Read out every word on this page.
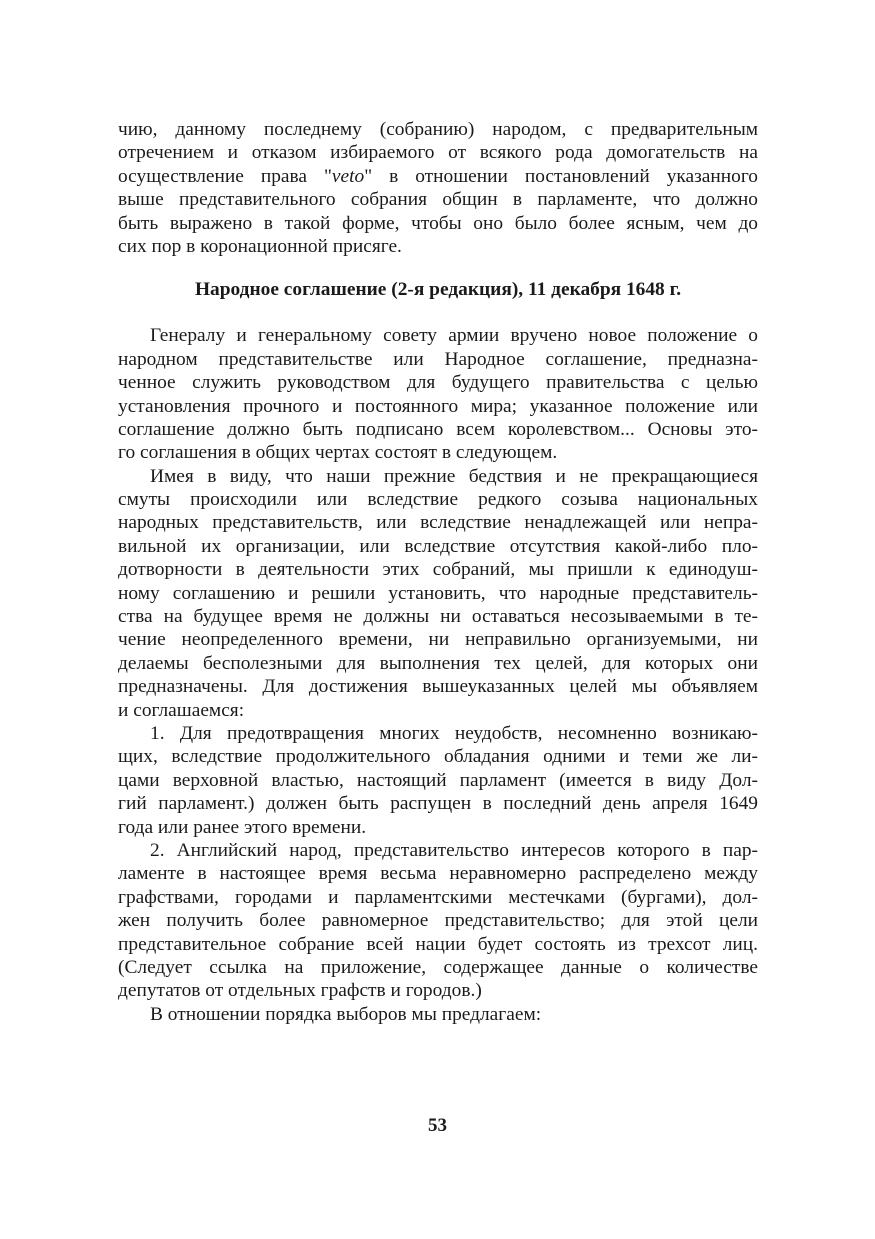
чию, данному последнему (собранию) народом, с предварительным
отречением и отказом избираемого от всякого рода домогательств на
осуществление права "veto" в отношении постановлений указанного
выше представительного собрания общин в парламенте, что должно
быть выражено в такой форме, чтобы оно было более ясным, чем до
сих пор в коронационной присяге.
Народное соглашение (2-я редакция), 11 декабря 1648 г.
Генералу и генеральному совету армии вручено новое положение о
народном представительстве или Народное соглашение, предназна-
ченное служить руководством для будущего правительства с целью
установления прочного и постоянного мира; указанное положение или
соглашение должно быть подписано всем королевством... Основы это-
го соглашения в общих чертах состоят в следующем.
Имея в виду, что наши прежние бедствия и не прекращающиеся
смуты происходили или вследствие редкого созыва национальных
народных представительств, или вследствие ненадлежащей или непра-
вильной их организации, или вследствие отсутствия какой-либо пло-
дотворности в деятельности этих собраний, мы пришли к единодуш-
ному соглашению и решили установить, что народные представитель-
ства на будущее время не должны ни оставаться несозываемыми в те-
чение неопределенного времени, ни неправильно организуемыми, ни
делаемы бесполезными для выполнения тех целей, для которых они
предназначены. Для достижения вышеуказанных целей мы объявляем
и соглашаемся:
1. Для предотвращения многих неудобств, несомненно возникаю-
щих, вследствие продолжительного обладания одними и теми же ли-
цами верховной властью, настоящий парламент (имеется в виду Дол-
гий парламент.) должен быть распущен в последний день апреля 1649
года или ранее этого времени.
2. Английский народ, представительство интересов которого в пар-
ламенте в настоящее время весьма неравномерно распределено между
графствами, городами и парламентскими местечками (бургами), дол-
жен получить более равномерное представительство; для этой цели
представительное собрание всей нации будет состоять из трехсот лиц.
(Следует ссылка на приложение, содержащее данные о количестве
депутатов от отдельных графств и городов.)
В отношении порядка выборов мы предлагаем:
53
